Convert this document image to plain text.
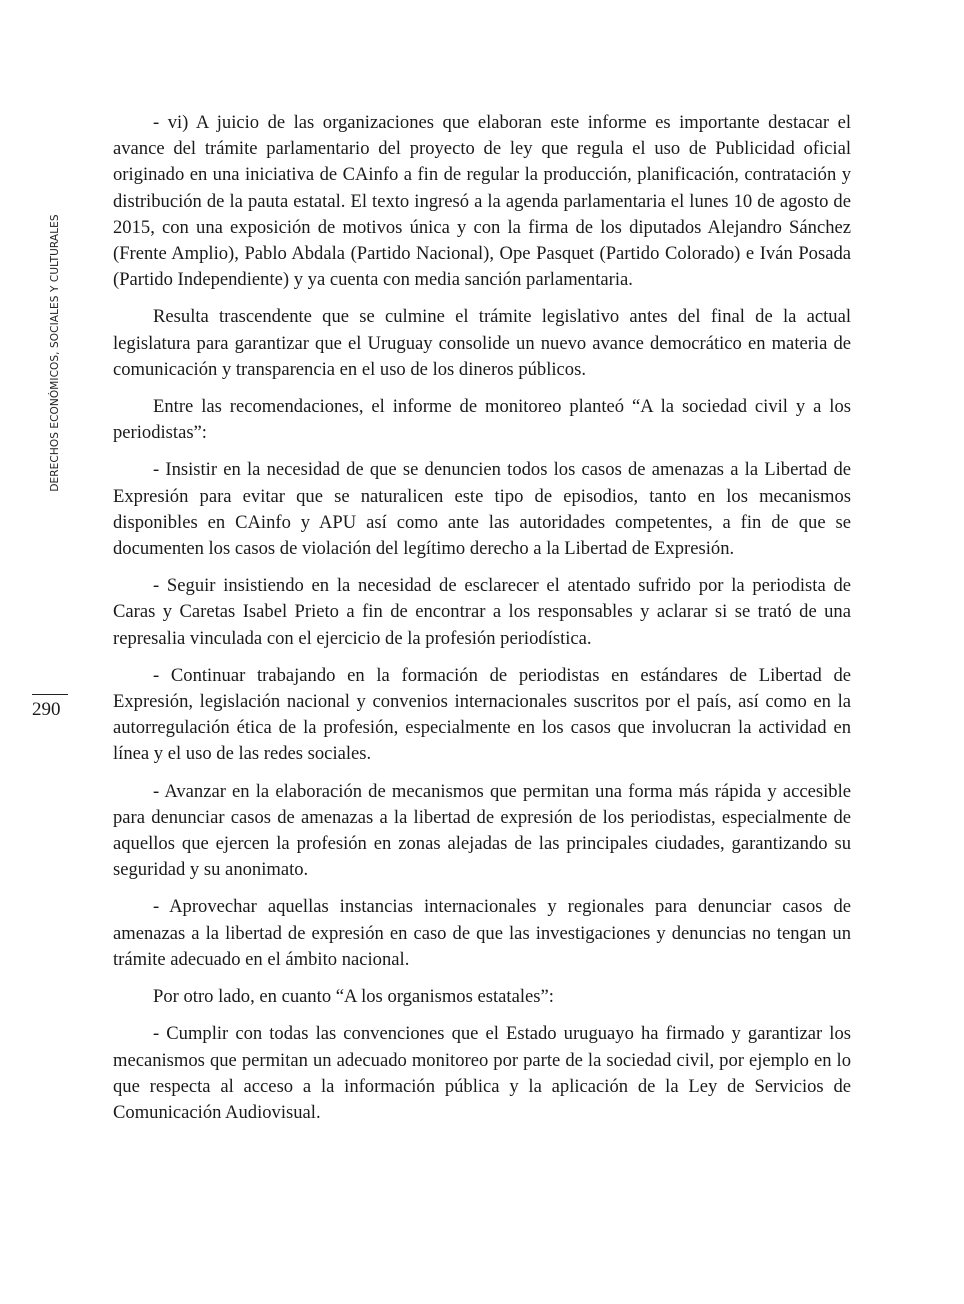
DERECHOS ECONÓMICOS, SOCIALES Y CULTURALES
290

- vi) A juicio de las organizaciones que elaboran este informe es importante destacar el avance del trámite parlamentario del proyecto de ley que regula el uso de Publicidad oficial originado en una iniciativa de CAinfo a fin de regular la producción, planificación, contratación y distribución de la pauta estatal. El texto ingresó a la agenda parlamentaria el lunes 10 de agosto de 2015, con una exposición de motivos única y con la firma de los diputados Alejandro Sánchez (Frente Amplio), Pablo Abdala (Partido Nacional), Ope Pasquet (Partido Colorado) e Iván Posada (Partido Independiente) y ya cuenta con media sanción parlamentaria.

Resulta trascendente que se culmine el trámite legislativo antes del final de la actual legislatura para garantizar que el Uruguay consolide un nuevo avance democrático en materia de comunicación y transparencia en el uso de los dineros públicos.

Entre las recomendaciones, el informe de monitoreo planteó “A la sociedad civil y a los periodistas”:

- Insistir en la necesidad de que se denuncien todos los casos de amenazas a la Libertad de Expresión para evitar que se naturalicen este tipo de episodios, tanto en los mecanismos disponibles en CAinfo y APU así como ante las autoridades competentes, a fin de que se documenten los casos de violación del legítimo derecho a la Libertad de Expresión.

- Seguir insistiendo en la necesidad de esclarecer el atentado sufrido por la periodista de Caras y Caretas Isabel Prieto a fin de encontrar a los responsables y aclarar si se trató de una represalia vinculada con el ejercicio de la profesión periodística.

- Continuar trabajando en la formación de periodistas en estándares de Libertad de Expresión, legislación nacional y convenios internacionales suscritos por el país, así como en la autorregulación ética de la profesión, especialmente en los casos que involucran la actividad en línea y el uso de las redes sociales.

- Avanzar en la elaboración de mecanismos que permitan una forma más rápida y accesible para denunciar casos de amenazas a la libertad de expresión de los periodistas, especialmente de aquellos que ejercen la profesión en zonas alejadas de las principales ciudades, garantizando su seguridad y su anonimato.

- Aprovechar aquellas instancias internacionales y regionales para denunciar casos de amenazas a la libertad de expresión en caso de que las investigaciones y denuncias no tengan un trámite adecuado en el ámbito nacional.

Por otro lado, en cuanto “A los organismos estatales”:

- Cumplir con todas las convenciones que el Estado uruguayo ha firmado y garantizar los mecanismos que permitan un adecuado monitoreo por parte de la sociedad civil, por ejemplo en lo que respecta al acceso a la información pública y la aplicación de la Ley de Servicios de Comunicación Audiovisual.
